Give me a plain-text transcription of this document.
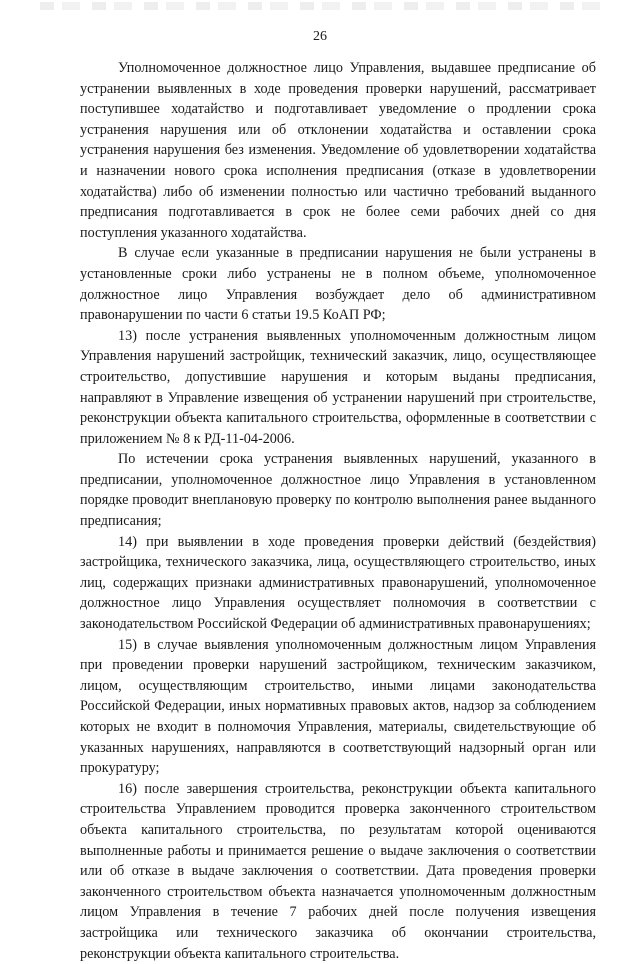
26

Уполномоченное должностное лицо Управления, выдавшее предписание об устранении выявленных в ходе проведения проверки нарушений, рассматривает поступившее ходатайство и подготавливает уведомление о продлении срока устранения нарушения или об отклонении ходатайства и оставлении срока устранения нарушения без изменения. Уведомление об удовлетворении ходатайства и назначении нового срока исполнения предписания (отказе в удовлетворении ходатайства) либо об изменении полностью или частично требований выданного предписания подготавливается в срок не более семи рабочих дней со дня поступления указанного ходатайства.

В случае если указанные в предписании нарушения не были устранены в установленные сроки либо устранены не в полном объеме, уполномоченное должностное лицо Управления возбуждает дело об административном правонарушении по части 6 статьи 19.5 КоАП РФ;

13) после устранения выявленных уполномоченным должностным лицом Управления нарушений застройщик, технический заказчик, лицо, осуществляющее строительство, допустившие нарушения и которым выданы предписания, направляют в Управление извещения об устранении нарушений при строительстве, реконструкции объекта капитального строительства, оформленные в соответствии с приложением № 8 к РД-11-04-2006.

По истечении срока устранения выявленных нарушений, указанного в предписании, уполномоченное должностное лицо Управления в установленном порядке проводит внеплановую проверку по контролю выполнения ранее выданного предписания;

14) при выявлении в ходе проведения проверки действий (бездействия) застройщика, технического заказчика, лица, осуществляющего строительство, иных лиц, содержащих признаки административных правонарушений, уполномоченное должностное лицо Управления осуществляет полномочия в соответствии с законодательством Российской Федерации об административных правонарушениях;

15) в случае выявления уполномоченным должностным лицом Управления при проведении проверки нарушений застройщиком, техническим заказчиком, лицом, осуществляющим строительство, иными лицами законодательства Российской Федерации, иных нормативных правовых актов, надзор за соблюдением которых не входит в полномочия Управления, материалы, свидетельствующие об указанных нарушениях, направляются в соответствующий надзорный орган или прокуратуру;

16) после завершения строительства, реконструкции объекта капитального строительства Управлением проводится проверка законченного строительством объекта капитального строительства, по результатам которой оцениваются выполненные работы и принимается решение о выдаче заключения о соответствии или об отказе в выдаче заключения о соответствии. Дата проведения проверки законченного строительством объекта назначается уполномоченным должностным лицом Управления в течение 7 рабочих дней после получения извещения застройщика или технического заказчика об окончании строительства, реконструкции объекта капитального строительства.
